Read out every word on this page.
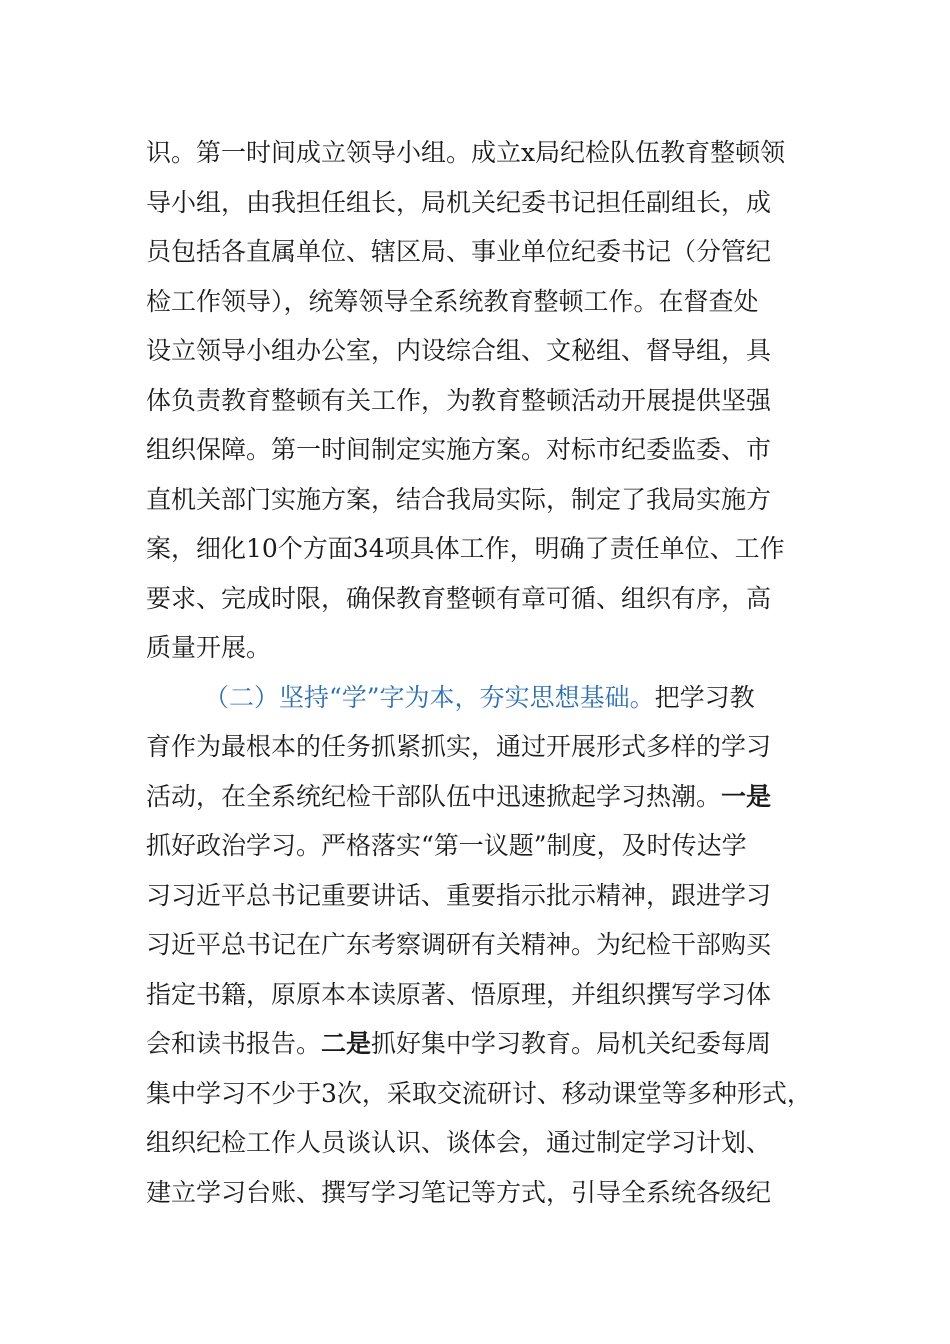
识。第一时间成立领导小组。成立x局纪检队伍教育整顿领
导小组，由我担任组长，局机关纪委书记担任副组长，成
员包括各直属单位、辖区局、事业单位纪委书记（分管纪
检工作领导），统筹领导全系统教育整顿工作。在督查处
设立领导小组办公室，内设综合组、文秘组、督导组，具
体负责教育整顿有关工作，为教育整顿活动开展提供坚强
组织保障。第一时间制定实施方案。对标市纪委监委、市
直机关部门实施方案，结合我局实际，制定了我局实施方
案，细化10个方面34项具体工作，明确了责任单位、工作
要求、完成时限，确保教育整顿有章可循、组织有序，高
质量开展。
（二）坚持“学”字为本，夯实思想基础。把学习教
育作为最根本的任务抓紧抓实，通过开展形式多样的学习
活动，在全系统纪检干部队伍中迅速掀起学习热潮。一是
抓好政治学习。严格落实“第一议题”制度，及时传达学
习习近平总书记重要讲话、重要指示批示精神，跟进学习
习近平总书记在广东考察调研有关精神。为纪检干部购买
指定书籍，原原本本读原著、悟原理，并组织撰写学习体
会和读书报告。二是抓好集中学习教育。局机关纪委每周
集中学习不少于3次，采取交流研讨、移动课堂等多种形式，
组织纪检工作人员谈认识、谈体会，通过制定学习计划、
建立学习台账、撰写学习笔记等方式，引导全系统各级纪
